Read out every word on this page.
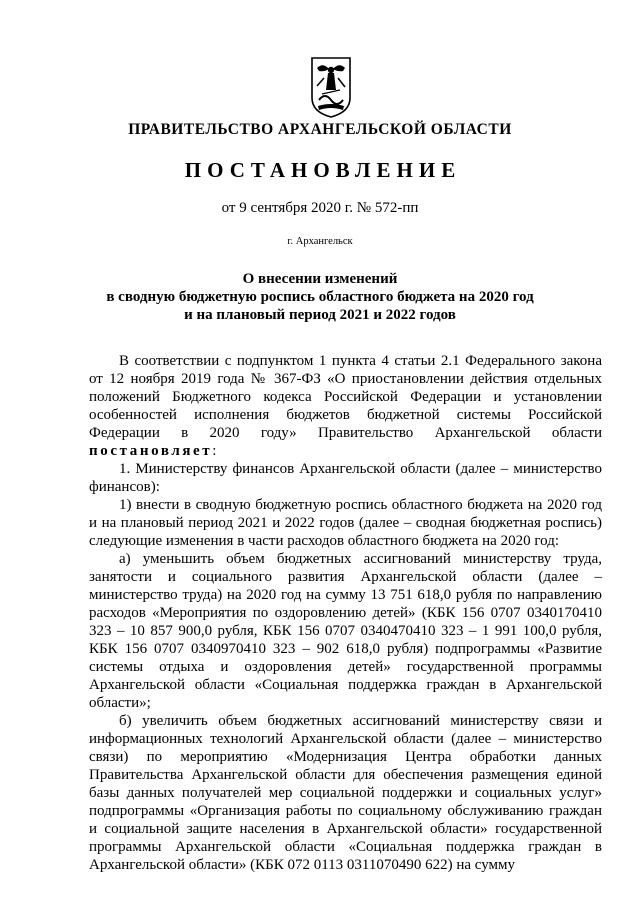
ПРАВИТЕЛЬСТВО АРХАНГЕЛЬСКОЙ ОБЛАСТИ
ПОСТАНОВЛЕНИЕ
от 9 сентября 2020 г. № 572-пп
г. Архангельск
О внесении изменений
в сводную бюджетную роспись областного бюджета на 2020 год
и на плановый период 2021 и 2022 годов

В соответствии с подпунктом 1 пункта 4 статьи 2.1 Федерального закона от 12 ноября 2019 года № 367-ФЗ «О приостановлении действия отдельных положений Бюджетного кодекса Российской Федерации и установлении особенностей исполнения бюджетов бюджетной системы Российской Федерации в 2020 году» Правительство Архангельской области постановляет:

1. Министерству финансов Архангельской области (далее – министерство финансов):

1) внести в сводную бюджетную роспись областного бюджета на 2020 год и на плановый период 2021 и 2022 годов (далее – сводная бюджетная роспись) следующие изменения в части расходов областного бюджета на 2020 год:

а) уменьшить объем бюджетных ассигнований министерству труда, занятости и социального развития Архангельской области (далее – министерство труда) на 2020 год на сумму 13 751 618,0 рубля по направлению расходов «Мероприятия по оздоровлению детей» (КБК 156 0707 0340170410 323 – 10 857 900,0 рубля, КБК 156 0707 0340470410 323 – 1 991 100,0 рубля, КБК 156 0707 0340970410 323 – 902 618,0 рубля) подпрограммы «Развитие системы отдыха и оздоровления детей» государственной программы Архангельской области «Социальная поддержка граждан в Архангельской области»;

б) увеличить объем бюджетных ассигнований министерству связи и информационных технологий Архангельской области (далее – министерство связи) по мероприятию «Модернизация Центра обработки данных Правительства Архангельской области для обеспечения размещения единой базы данных получателей мер социальной поддержки и социальных услуг» подпрограммы «Организация работы по социальному обслуживанию граждан и социальной защите населения в Архангельской области» государственной программы Архангельской области «Социальная поддержка граждан в Архангельской области» (КБК 072 0113 0311070490 622) на сумму
